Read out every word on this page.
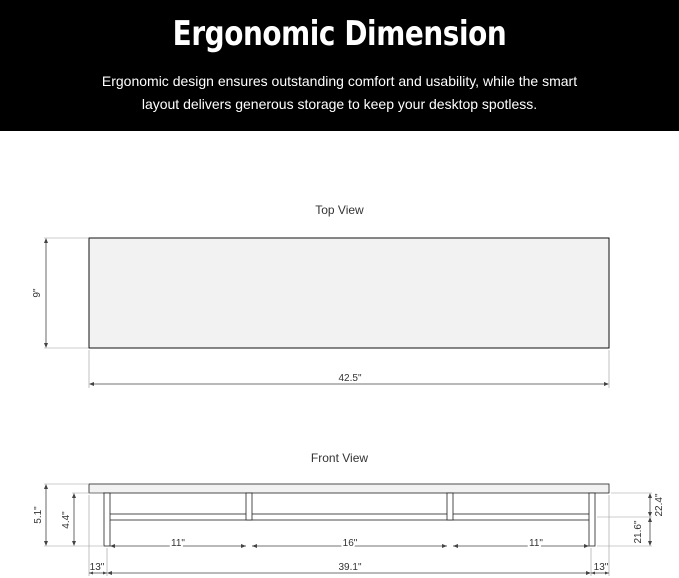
Ergonomic Dimension
Ergonomic design ensures outstanding comfort and usability, while the smart layout delivers generous storage to keep your desktop spotless.
Top View
Front View
9"
42.5"
5.1" 4.4"
11"	16"	11"
13"	39.1"	13"
22.4"
21.6"
